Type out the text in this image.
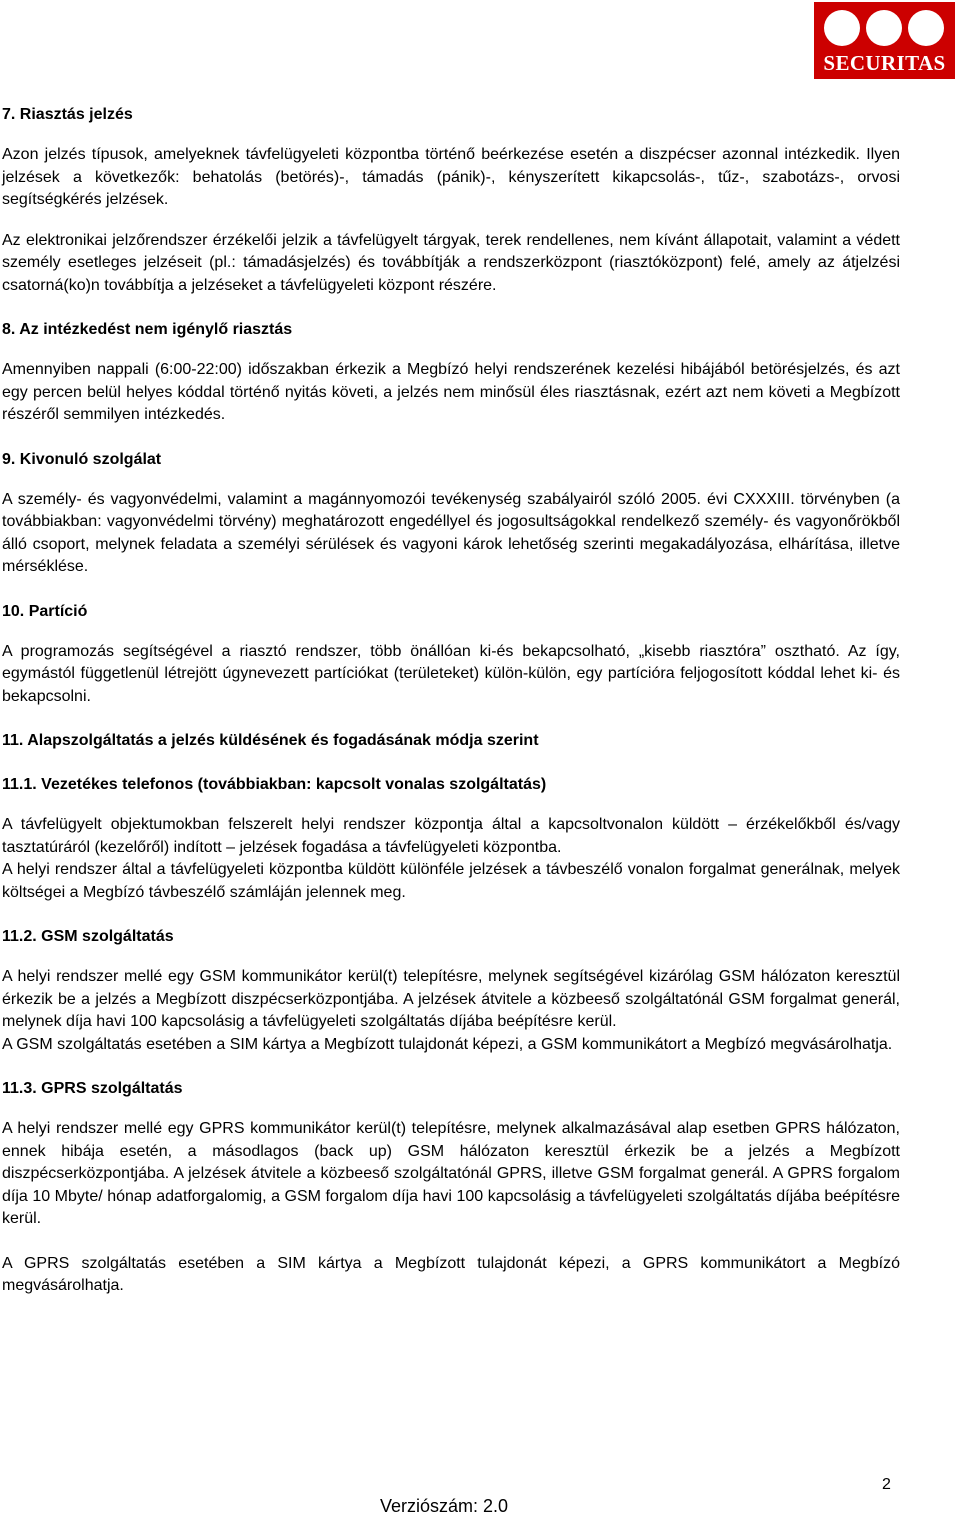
SECURITAS
7. Riasztás jelzés

Azon jelzés típusok, amelyeknek távfelügyeleti központba történő beérkezése esetén a diszpécser azonnal intézkedik. Ilyen jelzések a következők: behatolás (betörés)-, támadás (pánik)-, kényszerített kikapcsolás-, tűz-, szabotázs-, orvosi segítségkérés jelzések.

Az elektronikai jelzőrendszer érzékelői jelzik a távfelügyelt tárgyak, terek rendellenes, nem kívánt állapotait, valamint a védett személy esetleges jelzéseit (pl.: támadásjelzés) és továbbítják a rendszerközpont (riasztóközpont) felé, amely az átjelzési csatorná(ko)n továbbítja a jelzéseket a távfelügyeleti központ részére.

8. Az intézkedést nem igénylő riasztás

Amennyiben nappali (6:00-22:00) időszakban érkezik a Megbízó helyi rendszerének kezelési hibájából betörésjelzés, és azt egy percen belül helyes kóddal történő nyitás követi, a jelzés nem minősül éles riasztásnak, ezért azt nem követi a Megbízott részéről semmilyen intézkedés.

9. Kivonuló szolgálat

A személy- és vagyonvédelmi, valamint a magánnyomozói tevékenység szabályairól szóló 2005. évi CXXXIII. törvényben (a továbbiakban: vagyonvédelmi törvény) meghatározott engedéllyel és jogosultságokkal rendelkező személy- és vagyonőrökből álló csoport, melynek feladata a személyi sérülések és vagyoni károk lehetőség szerinti megakadályozása, elhárítása, illetve mérséklése.

10. Partíció

A programozás segítségével a riasztó rendszer, több önállóan ki-és bekapcsolható, „kisebb riasztóra” osztható. Az így, egymástól függetlenül létrejött úgynevezett partíciókat (területeket) külön-külön, egy partícióra feljogosított kóddal lehet ki- és bekapcsolni.

11. Alapszolgáltatás a jelzés küldésének és fogadásának módja szerint
11.1. Vezetékes telefonos (továbbiakban: kapcsolt vonalas szolgáltatás)

A távfelügyelt objektumokban felszerelt helyi rendszer központja által a kapcsoltvonalon küldött – érzékelőkből és/vagy tasztatúráról (kezelőről) indított – jelzések fogadása a távfelügyeleti központba.
A helyi rendszer által a távfelügyeleti központba küldött különféle jelzések a távbeszélő vonalon forgalmat generálnak, melyek költségei a Megbízó távbeszélő számláján jelennek meg.

11.2. GSM szolgáltatás

A helyi rendszer mellé egy GSM kommunikátor kerül(t) telepítésre, melynek segítségével kizárólag GSM hálózaton keresztül érkezik be a jelzés a Megbízott diszpécserközpontjába. A jelzések átvitele a közbeeső szolgáltatónál GSM forgalmat generál, melynek díja havi 100 kapcsolásig a távfelügyeleti szolgáltatás díjába beépítésre kerül.
A GSM szolgáltatás esetében a SIM kártya a Megbízott tulajdonát képezi, a GSM kommunikátort a Megbízó megvásárolhatja.

11.3. GPRS szolgáltatás

A helyi rendszer mellé egy GPRS kommunikátor kerül(t) telepítésre, melynek alkalmazásával alap esetben GPRS hálózaton, ennek hibája esetén, a másodlagos (back up) GSM hálózaton keresztül érkezik be a jelzés a Megbízott diszpécserközpontjába. A jelzések átvitele a közbeeső szolgáltatónál GPRS, illetve GSM forgalmat generál. A GPRS forgalom díja 10 Mbyte/ hónap adatforgalomig, a GSM forgalom díja havi 100 kapcsolásig a távfelügyeleti szolgáltatás díjába beépítésre kerül.

A GPRS szolgáltatás esetében a SIM kártya a Megbízott tulajdonát képezi, a GPRS kommunikátort a Megbízó megvásárolhatja.

2
Verziószám: 2.0
